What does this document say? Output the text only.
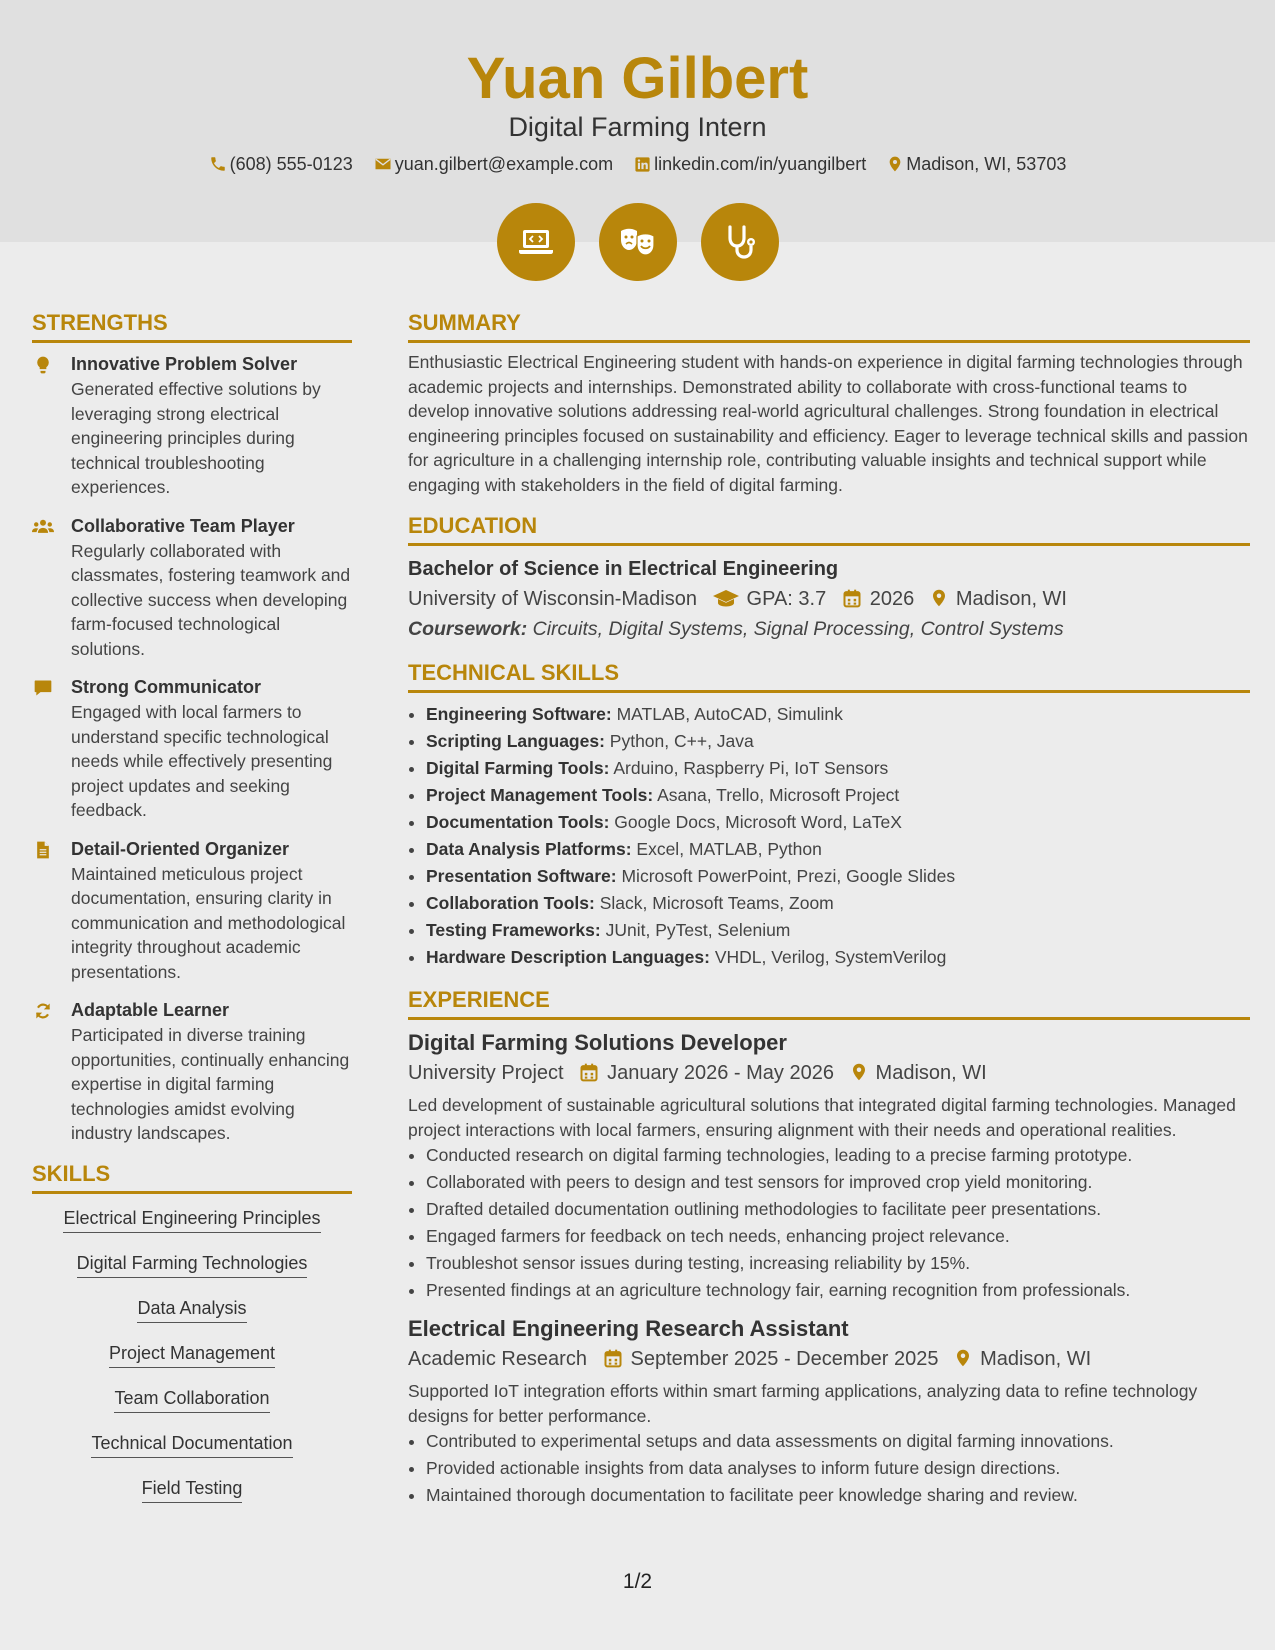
Yuan Gilbert
Digital Farming Intern
(608) 555-0123 yuan.gilbert@example.com linkedin.com/in/yuangilbert Madison, WI, 53703

STRENGTHS
Innovative Problem Solver
Generated effective solutions by leveraging strong electrical engineering principles during technical troubleshooting experiences.
Collaborative Team Player
Regularly collaborated with classmates, fostering teamwork and collective success when developing farm-focused technological solutions.
Strong Communicator
Engaged with local farmers to understand specific technological needs while effectively presenting project updates and seeking feedback.
Detail-Oriented Organizer
Maintained meticulous project documentation, ensuring clarity in communication and methodological integrity throughout academic presentations.
Adaptable Learner
Participated in diverse training opportunities, continually enhancing expertise in digital farming technologies amidst evolving industry landscapes.
SKILLS
Electrical Engineering Principles
Digital Farming Technologies
Data Analysis
Project Management
Team Collaboration
Technical Documentation
Field Testing
SUMMARY
Enthusiastic Electrical Engineering student with hands-on experience in digital farming technologies through academic projects and internships. Demonstrated ability to collaborate with cross-functional teams to develop innovative solutions addressing real-world agricultural challenges. Strong foundation in electrical engineering principles focused on sustainability and efficiency. Eager to leverage technical skills and passion for agriculture in a challenging internship role, contributing valuable insights and technical support while engaging with stakeholders in the field of digital farming.
EDUCATION
Bachelor of Science in Electrical Engineering
University of Wisconsin-Madison GPA: 3.7 2026 Madison, WI
Coursework: Circuits, Digital Systems, Signal Processing, Control Systems
TECHNICAL SKILLS
• Engineering Software: MATLAB, AutoCAD, Simulink
• Scripting Languages: Python, C++, Java
• Digital Farming Tools: Arduino, Raspberry Pi, IoT Sensors
• Project Management Tools: Asana, Trello, Microsoft Project
• Documentation Tools: Google Docs, Microsoft Word, LaTeX
• Data Analysis Platforms: Excel, MATLAB, Python
• Presentation Software: Microsoft PowerPoint, Prezi, Google Slides
• Collaboration Tools: Slack, Microsoft Teams, Zoom
• Testing Frameworks: JUnit, PyTest, Selenium
• Hardware Description Languages: VHDL, Verilog, SystemVerilog
EXPERIENCE
Digital Farming Solutions Developer
University Project January 2026 - May 2026 Madison, WI
Led development of sustainable agricultural solutions that integrated digital farming technologies. Managed project interactions with local farmers, ensuring alignment with their needs and operational realities.
• Conducted research on digital farming technologies, leading to a precise farming prototype.
• Collaborated with peers to design and test sensors for improved crop yield monitoring.
• Drafted detailed documentation outlining methodologies to facilitate peer presentations.
• Engaged farmers for feedback on tech needs, enhancing project relevance.
• Troubleshot sensor issues during testing, increasing reliability by 15%.
• Presented findings at an agriculture technology fair, earning recognition from professionals.
Electrical Engineering Research Assistant
Academic Research September 2025 - December 2025 Madison, WI
Supported IoT integration efforts within smart farming applications, analyzing data to refine technology designs for better performance.
• Contributed to experimental setups and data assessments on digital farming innovations.
• Provided actionable insights from data analyses to inform future design directions.
• Maintained thorough documentation to facilitate peer knowledge sharing and review.
1/2
